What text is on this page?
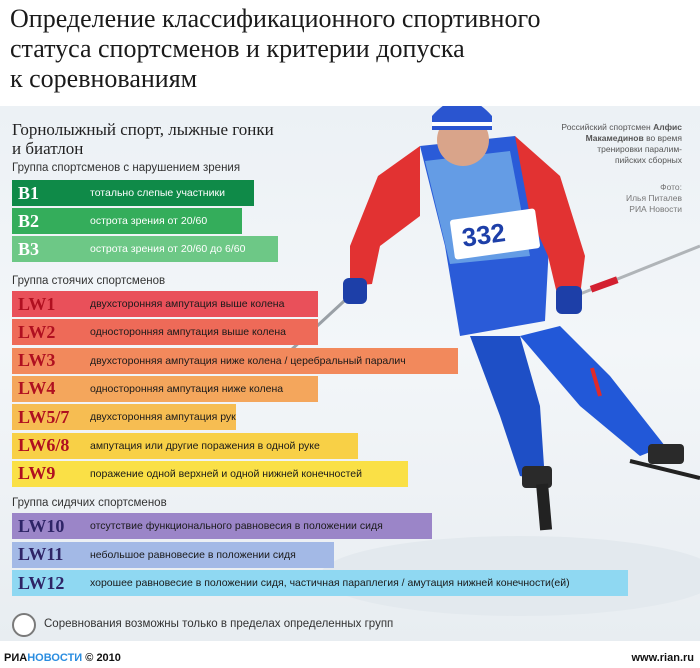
332
Определение классификационного спортивного
статуса спортсменов и критерии допуска
к соревнованиям
Горнолыжный спорт, лыжные гонки
и биатлон
Группа спортсменов с нарушением зрения
B1	тотально слепые участники
B2	острота зрения от 20/60
B3	острота зрения от 20/60 до 6/60
Группа стоячих спортсменов
LW1	двухсторонняя ампутация выше колена
LW2	односторонняя ампутация выше колена
LW3	двухсторонняя ампутация ниже колена / церебральный паралич
LW4	односторонняя ампутация ниже колена
LW5/7	двухсторонняя ампутация рук
LW6/8	ампутация или другие поражения в одной руке
LW9	поражение одной верхней и одной нижней конечностей
Группа сидячих спортсменов
LW10	отсутствие функционального равновесия в положении сидя
LW11	небольшое равновесие в положении сидя
LW12	хорошее равновесие в положении сидя, частичная параплегия / амутация нижней конечности(ей)
Соревнования возможны только в пределах определенных групп
Российский спортсмен Алфис
Макамединов во время
тренировки паралим-
пийских сборных
Фото:
Илья Питалев
РИА Новости
РИАНОВОСТИ © 2010	www.rian.ru
